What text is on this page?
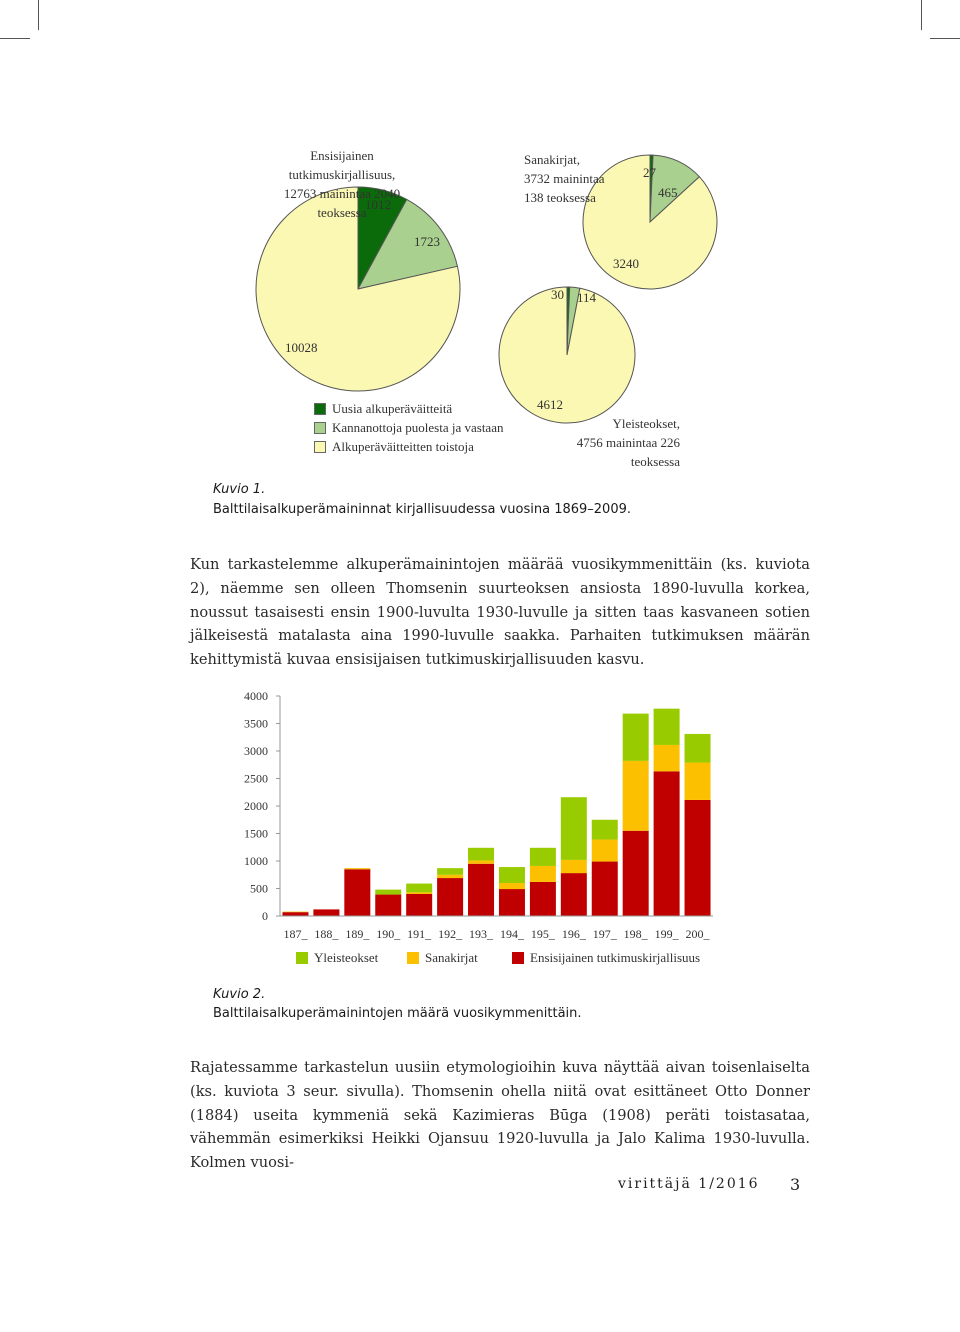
Ensisijainen tutkimuskirjallisuus,
12763 mainintaa 2040 teoksessa
Sanakirjat,
3732 mainintaa
138 teoksessa
Yleisteokset,
4756 mainintaa 226 teoksessa
1012
1723
10028
27
465
3240
30 114
4612
Uusia alkuperäväitteitä
Kannanottoja puolesta ja vastaan
Alkuperäväitteitten toistoja
Kuvio 1.
Balttilaisalkuperämaininnat kirjallisuudessa vuosina 1869–2009.

Kun tarkastelemme alkuperämainintojen määrää vuosikymmenittäin (ks. kuviota 2), näemme sen olleen Thomsenin suurteoksen ansiosta 1890-luvulla korkea, noussut tasaisesti ensin 1900-luvulta 1930-luvulle ja sitten taas kasvaneen sotien jälkeisestä matalasta aina 1990-luvulle saakka. Parhaiten tutkimuksen määrän kehittymistä kuvaa ensisijaisen tutkimuskirjallisuuden kasvu.

0
500
1000
1500
2000
2500
3000
3500
4000
187_ 188_ 189_ 190_ 191_ 192_ 193_ 194_ 195_ 196_ 197_ 198_ 199_ 200_
Yleisteokset	Sanakirjat	Ensisijainen tutkimuskirjallisuus
Kuvio 2.
Balttilaisalkuperämainintojen määrä vuosikymmenittäin.

Rajatessamme tarkastelun uusiin etymologioihin kuva näyttää aivan toisenlaiselta (ks. kuviota 3 seur. sivulla). Thomsenin ohella niitä ovat esittäneet Otto Donner (1884) useita kymmeniä sekä Kazimieras Būga (1908) peräti toistasataa, vähemmän esimerkiksi Heikki Ojansuu 1920-luvulla ja Jalo Kalima 1930-luvulla. Kolmen vuosi-

virittäjä 1/2016 3
